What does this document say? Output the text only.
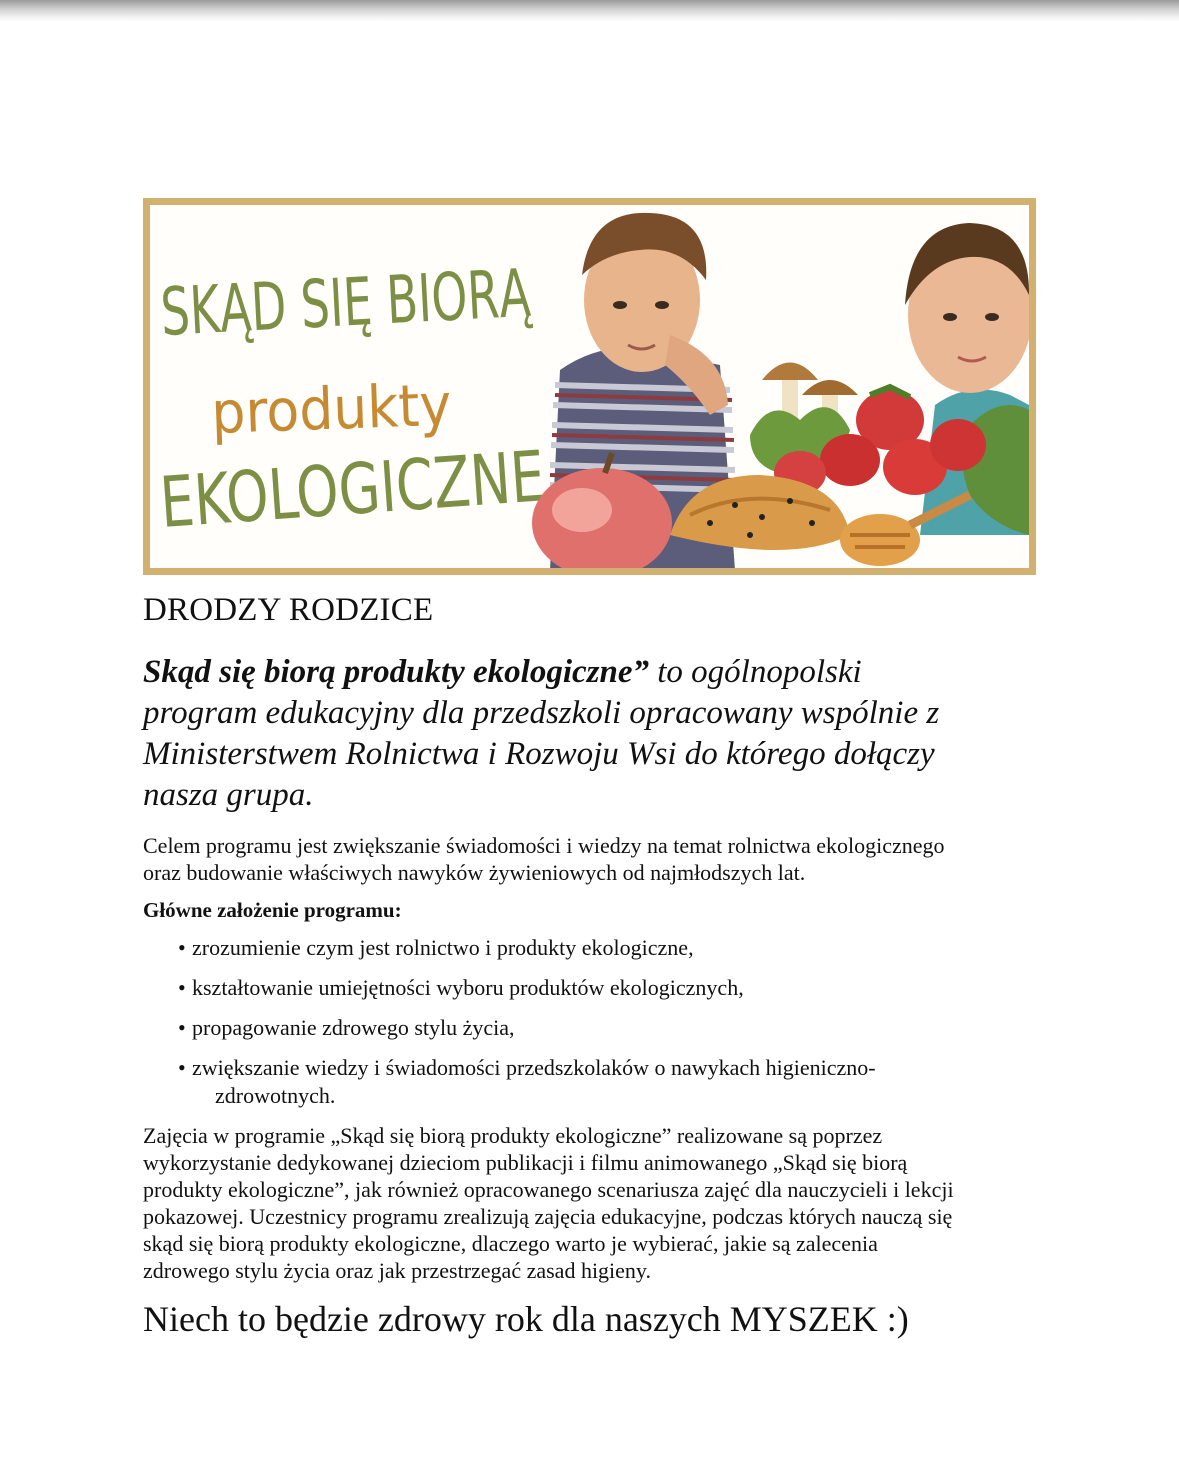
SKĄD SIĘ BIORĄ
produkty
EKOLOGICZNE
DRODZY RODZICE
Skąd się biorą produkty ekologiczne” to ogólnopolski
program edukacyjny dla przedszkoli opracowany wspólnie z
Ministerstwem Rolnictwa i Rozwoju Wsi do którego dołączy
nasza grupa.
Celem programu jest zwiększanie świadomości i wiedzy na temat rolnictwa ekologicznego
oraz budowanie właściwych nawyków żywieniowych od najmłodszych lat.
Główne założenie programu:
• zrozumienie czym jest rolnictwo i produkty ekologiczne,
• kształtowanie umiejętności wyboru produktów ekologicznych,
• propagowanie zdrowego stylu życia,
• zwiększanie wiedzy i świadomości przedszkolaków o nawykach higieniczno-
zdrowotnych.
Zajęcia w programie „Skąd się biorą produkty ekologiczne” realizowane są poprzez
wykorzystanie dedykowanej dzieciom publikacji i filmu animowanego „Skąd się biorą
produkty ekologiczne”, jak również opracowanego scenariusza zajęć dla nauczycieli i lekcji
pokazowej. Uczestnicy programu zrealizują zajęcia edukacyjne, podczas których nauczą się
skąd się biorą produkty ekologiczne, dlaczego warto je wybierać, jakie są zalecenia
zdrowego stylu życia oraz jak przestrzegać zasad higieny.
Niech to będzie zdrowy rok dla naszych MYSZEK :)
